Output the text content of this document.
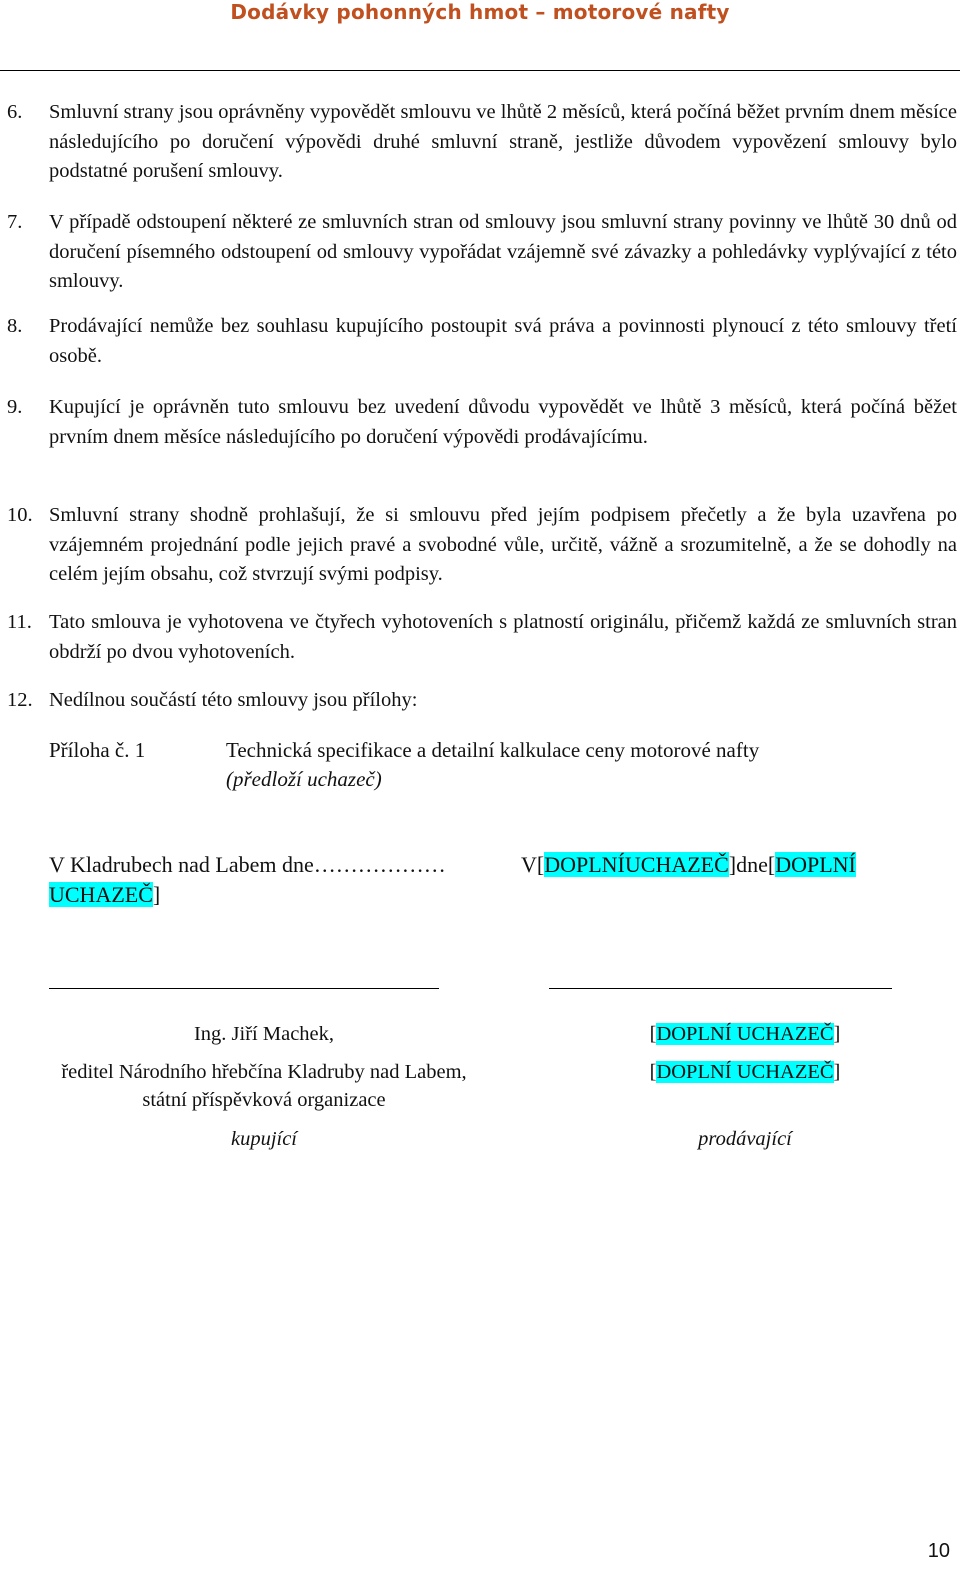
Dodávky pohonných hmot – motorové nafty
6. Smluvní strany jsou oprávněny vypovědět smlouvu ve lhůtě 2 měsíců, která počíná běžet prvním dnem měsíce následujícího po doručení výpovědi druhé smluvní straně, jestliže důvodem vypovězení smlouvy bylo podstatné porušení smlouvy.
7. V případě odstoupení některé ze smluvních stran od smlouvy jsou smluvní strany povinny ve lhůtě 30 dnů od doručení písemného odstoupení od smlouvy vypořádat vzájemně své závazky a pohledávky vyplývající z této smlouvy.
8. Prodávající nemůže bez souhlasu kupujícího postoupit svá práva a povinnosti plynoucí z této smlouvy třetí osobě.
9. Kupující je oprávněn tuto smlouvu bez uvedení důvodu vypovědět ve lhůtě 3 měsíců, která počíná běžet prvním dnem měsíce následujícího po doručení výpovědi prodávajícímu.
10. Smluvní strany shodně prohlašují, že si smlouvu před jejím podpisem přečetly a že byla uzavřena po vzájemném projednání podle jejich pravé a svobodné vůle, určitě, vážně a srozumitelně, a že se dohodly na celém jejím obsahu, což stvrzují svými podpisy.
11. Tato smlouva je vyhotovena ve čtyřech vyhotoveních s platností originálu, přičemž každá ze smluvních stran obdrží po dvou vyhotoveních.
12. Nedílnou součástí této smlouvy jsou přílohy:
Příloha č. 1	Technická specifikace a detailní kalkulace ceny motorové nafty
(předloží uchazeč)
V Kladrubech nad Labem dne………………
UCHAZEČ]
V[DOPLNÍUCHAZEČ]dne[DOPLNÍ
Ing. Jiří Machek,
ředitel Národního hřebčína Kladruby nad Labem,
státní příspěvková organizace
kupující
[DOPLNÍ UCHAZEČ]
[DOPLNÍ UCHAZEČ]
prodávající
10
